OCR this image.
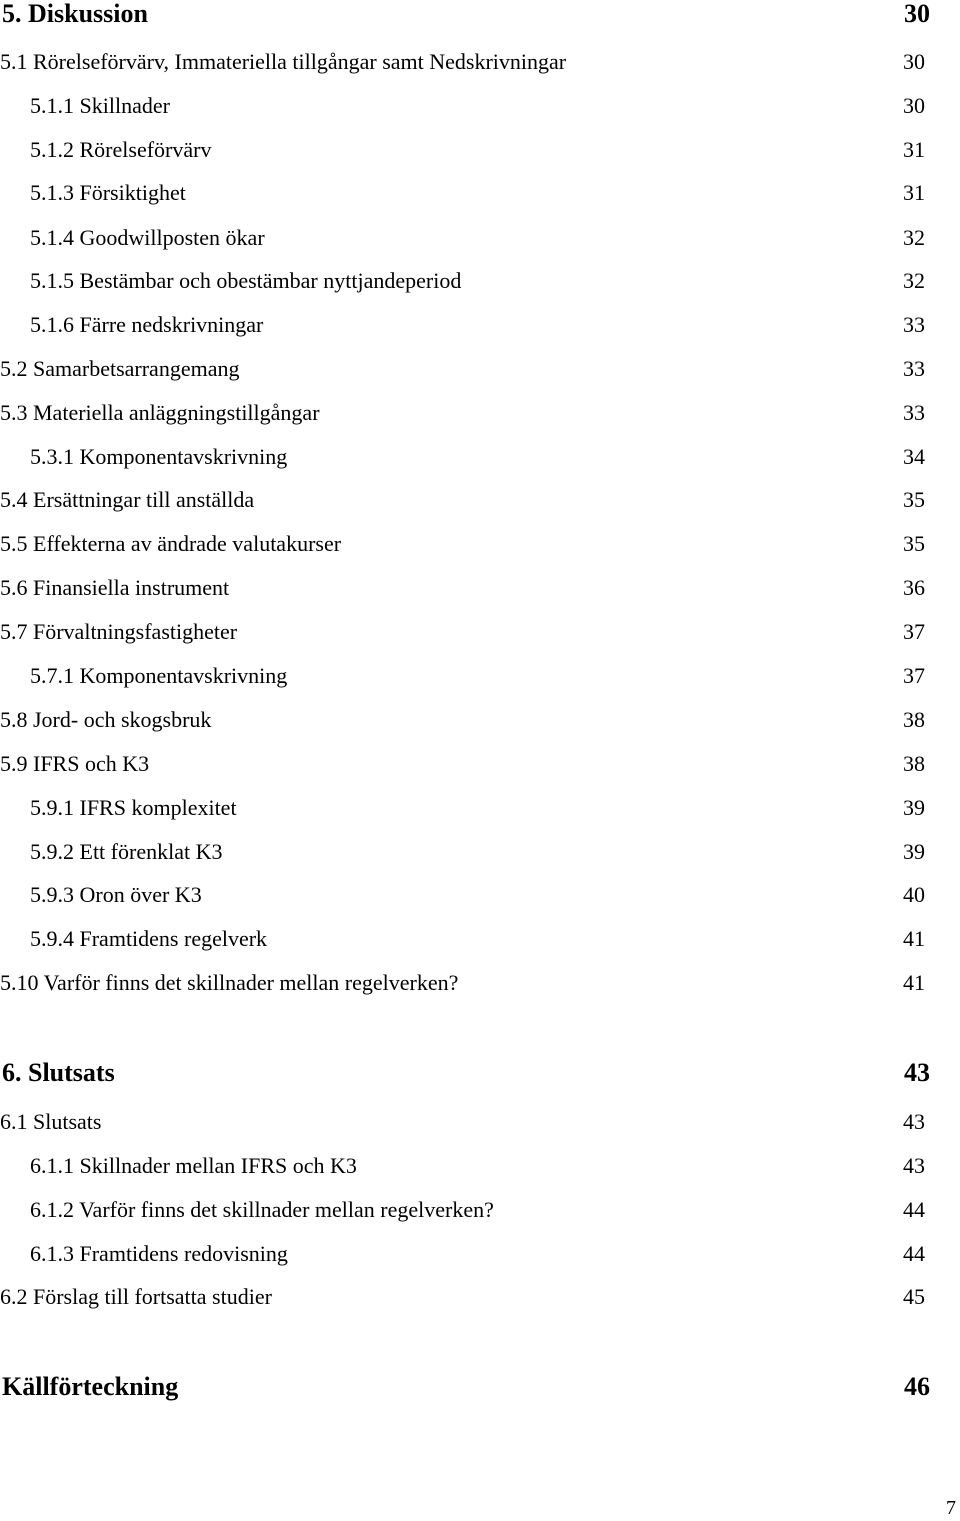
5. Diskussion	30
5.1 Rörelseförvärv, Immateriella tillgångar samt Nedskrivningar	30
5.1.1 Skillnader	30
5.1.2 Rörelseförvärv	31
5.1.3 Försiktighet	31
5.1.4 Goodwillposten ökar	32
5.1.5 Bestämbar och obestämbar nyttjandeperiod	32
5.1.6 Färre nedskrivningar	33
5.2 Samarbetsarrangemang	33
5.3 Materiella anläggningstillgångar	33
5.3.1 Komponentavskrivning	34
5.4 Ersättningar till anställda	35
5.5 Effekterna av ändrade valutakurser	35
5.6 Finansiella instrument	36
5.7 Förvaltningsfastigheter	37
5.7.1 Komponentavskrivning	37
5.8 Jord- och skogsbruk	38
5.9 IFRS och K3	38
5.9.1 IFRS komplexitet	39
5.9.2 Ett förenklat K3	39
5.9.3 Oron över K3	40
5.9.4 Framtidens regelverk	41
5.10 Varför finns det skillnader mellan regelverken?	41
6. Slutsats	43
6.1 Slutsats	43
6.1.1 Skillnader mellan IFRS och K3	43
6.1.2 Varför finns det skillnader mellan regelverken?	44
6.1.3 Framtidens redovisning	44
6.2 Förslag till fortsatta studier	45
Källförteckning	46
7
